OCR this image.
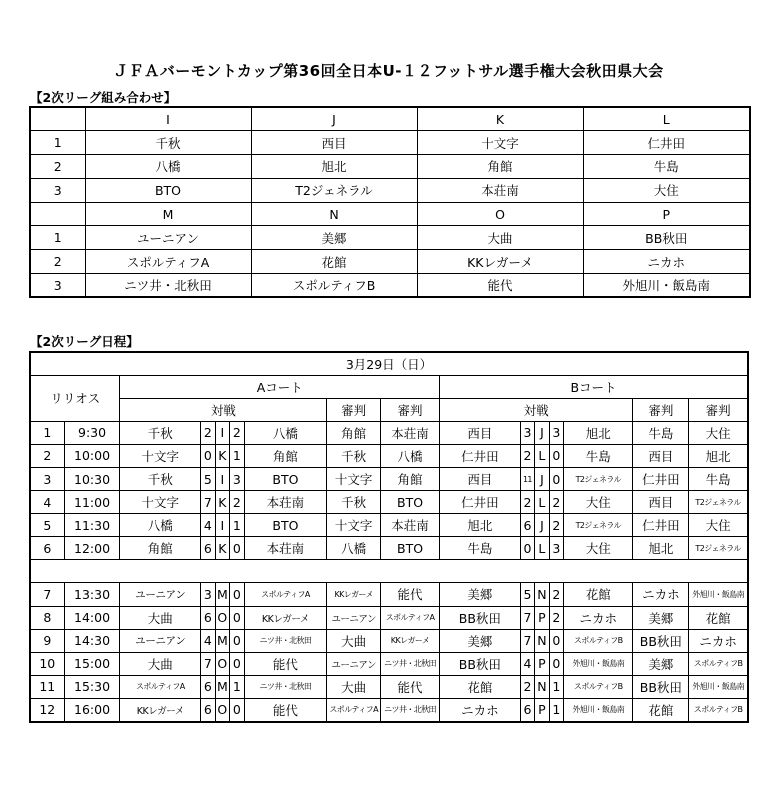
ＪＦＡバーモントカップ第36回全日本U-１２フットサル選手権大会秋田県大会
【2次リーグ組み合わせ】
	I	J	K	L
1	千秋	西目	十文字	仁井田
2	八橋	旭北	角館	牛島
3	BTO	T2ジェネラル	本荘南	大住
	M	N	O	P
1	ユーニアン	美郷	大曲	BB秋田
2	スポルティフA	花館	KKレガーメ	ニカホ
3	ニツ井・北秋田	スポルティフB	能代	外旭川・飯島南
【2次リーグ日程】
3月29日（日）															
リリオス		Aコート							Bコート						
		対戦					審判	審判	対戦					審判	審判
1	9:30	千秋	2	I	2	八橋	角館	本荘南	西目	3	J	3	旭北	牛島	大住
2	10:00	十文字	0	K	1	角館	千秋	八橋	仁井田	2	L	0	牛島	西目	旭北
3	10:30	千秋	5	I	3	BTO	十文字	角館	西目	11	J	0	T2ジェネラル	仁井田	牛島
4	11:00	十文字	7	K	2	本荘南	千秋	BTO	仁井田	2	L	2	大住	西目	T2ジェネラル
5	11:30	八橋	4	I	1	BTO	十文字	本荘南	旭北	6	J	2	T2ジェネラル	仁井田	大住
6	12:00	角館	6	K	0	本荘南	八橋	BTO	牛島	0	L	3	大住	旭北	T2ジェネラル

7	13:30	ユーニアン	3	M	0	スポルティフA	KKレガーメ	能代	美郷	5	N	2	花館	ニカホ	外旭川・飯島南
8	14:00	大曲	6	O	0	KKレガーメ	ユーニアン	スポルティフA	BB秋田	7	P	2	ニカホ	美郷	花館
9	14:30	ユーニアン	4	M	0	ニツ井・北秋田	大曲	KKレガーメ	美郷	7	N	0	スポルティフB	BB秋田	ニカホ
10	15:00	大曲	7	O	0	能代	ユーニアン	ニツ井・北秋田	BB秋田	4	P	0	外旭川・飯島南	美郷	スポルティフB
11	15:30	スポルティフA	6	M	1	ニツ井・北秋田	大曲	能代	花館	2	N	1	スポルティフB	BB秋田	外旭川・飯島南
12	16:00	KKレガーメ	6	O	0	能代	スポルティフA	ニツ井・北秋田	ニカホ	6	P	1	外旭川・飯島南	花館	スポルティフB
